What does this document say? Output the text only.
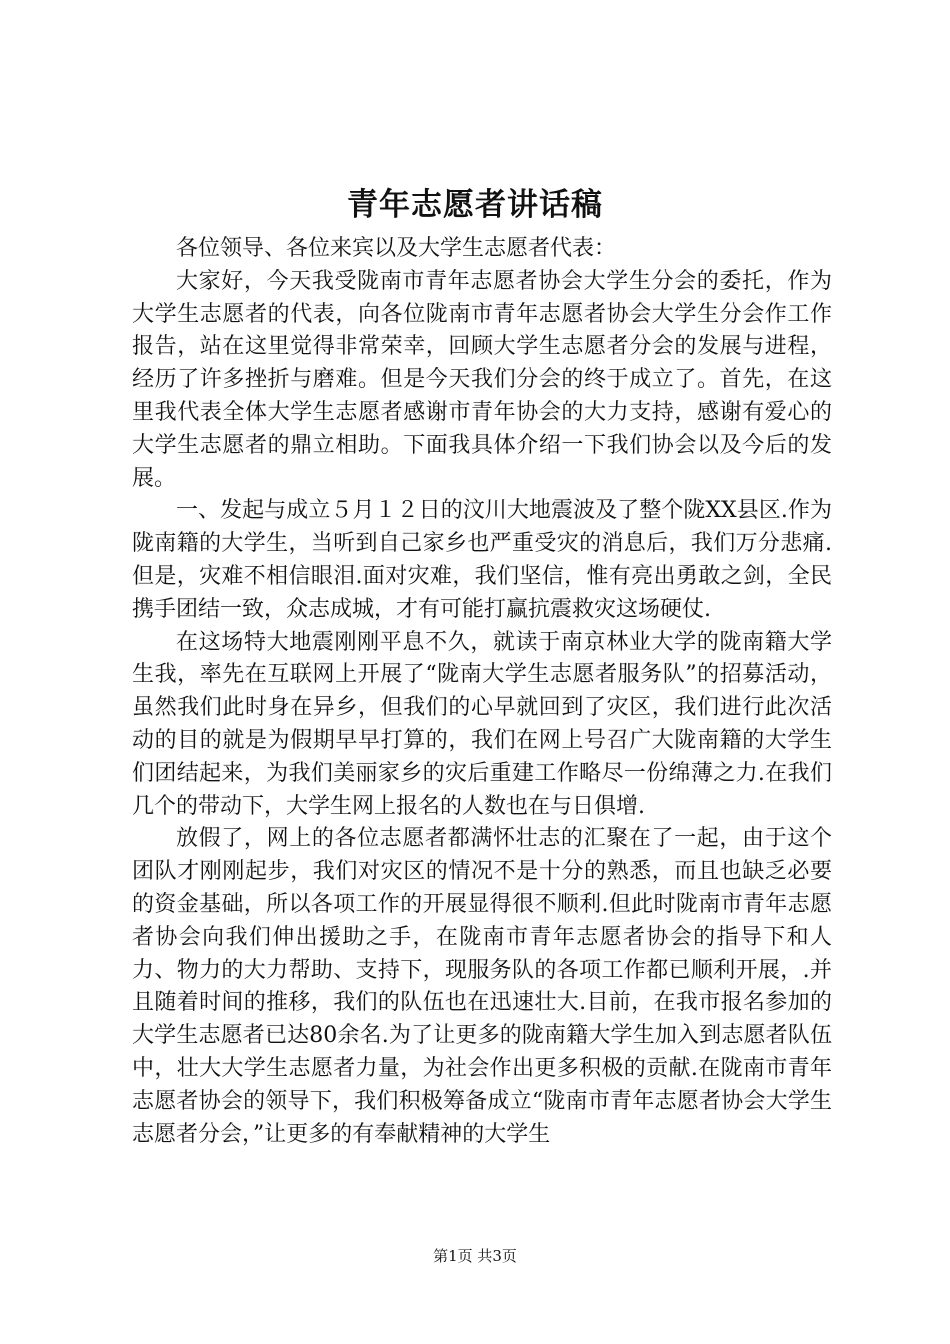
青年志愿者讲话稿

各位领导、各位来宾以及大学生志愿者代表：

大家好，今天我受陇南市青年志愿者协会大学生分会的委托，作为大学生志愿者的代表，向各位陇南市青年志愿者协会大学生分会作工作报告，站在这里觉得非常荣幸，回顾大学生志愿者分会的发展与进程，经历了许多挫折与磨难。但是今天我们分会的终于成立了。首先，在这里我代表全体大学生志愿者感谢市青年协会的大力支持，感谢有爱心的大学生志愿者的鼎立相助。下面我具体介绍一下我们协会以及今后的发展。

一、发起与成立５月１２日的汶川大地震波及了整个陇XX县区.作为陇南籍的大学生，当听到自己家乡也严重受灾的消息后，我们万分悲痛.但是，灾难不相信眼泪.面对灾难，我们坚信，惟有亮出勇敢之剑，全民携手团结一致，众志成城，才有可能打赢抗震救灾这场硬仗.

在这场特大地震刚刚平息不久，就读于南京林业大学的陇南籍大学生我，率先在互联网上开展了“陇南大学生志愿者服务队”的招募活动，虽然我们此时身在异乡，但我们的心早就回到了灾区，我们进行此次活动的目的就是为假期早早打算的，我们在网上号召广大陇南籍的大学生们团结起来，为我们美丽家乡的灾后重建工作略尽一份绵薄之力.在我们几个的带动下，大学生网上报名的人数也在与日俱增.

放假了，网上的各位志愿者都满怀壮志的汇聚在了一起，由于这个团队才刚刚起步，我们对灾区的情况不是十分的熟悉，而且也缺乏必要的资金基础，所以各项工作的开展显得很不顺利.但此时陇南市青年志愿者协会向我们伸出援助之手，在陇南市青年志愿者协会的指导下和人力、物力的大力帮助、支持下，现服务队的各项工作都已顺利开展，.并且随着时间的推移，我们的队伍也在迅速壮大.目前，在我市报名参加的大学生志愿者已达80余名.为了让更多的陇南籍大学生加入到志愿者队伍中，壮大大学生志愿者力量，为社会作出更多积极的贡献.在陇南市青年志愿者协会的领导下，我们积极筹备成立“陇南市青年志愿者协会大学生志愿者分会，”让更多的有奉献精神的大学生

第1页 共3页
